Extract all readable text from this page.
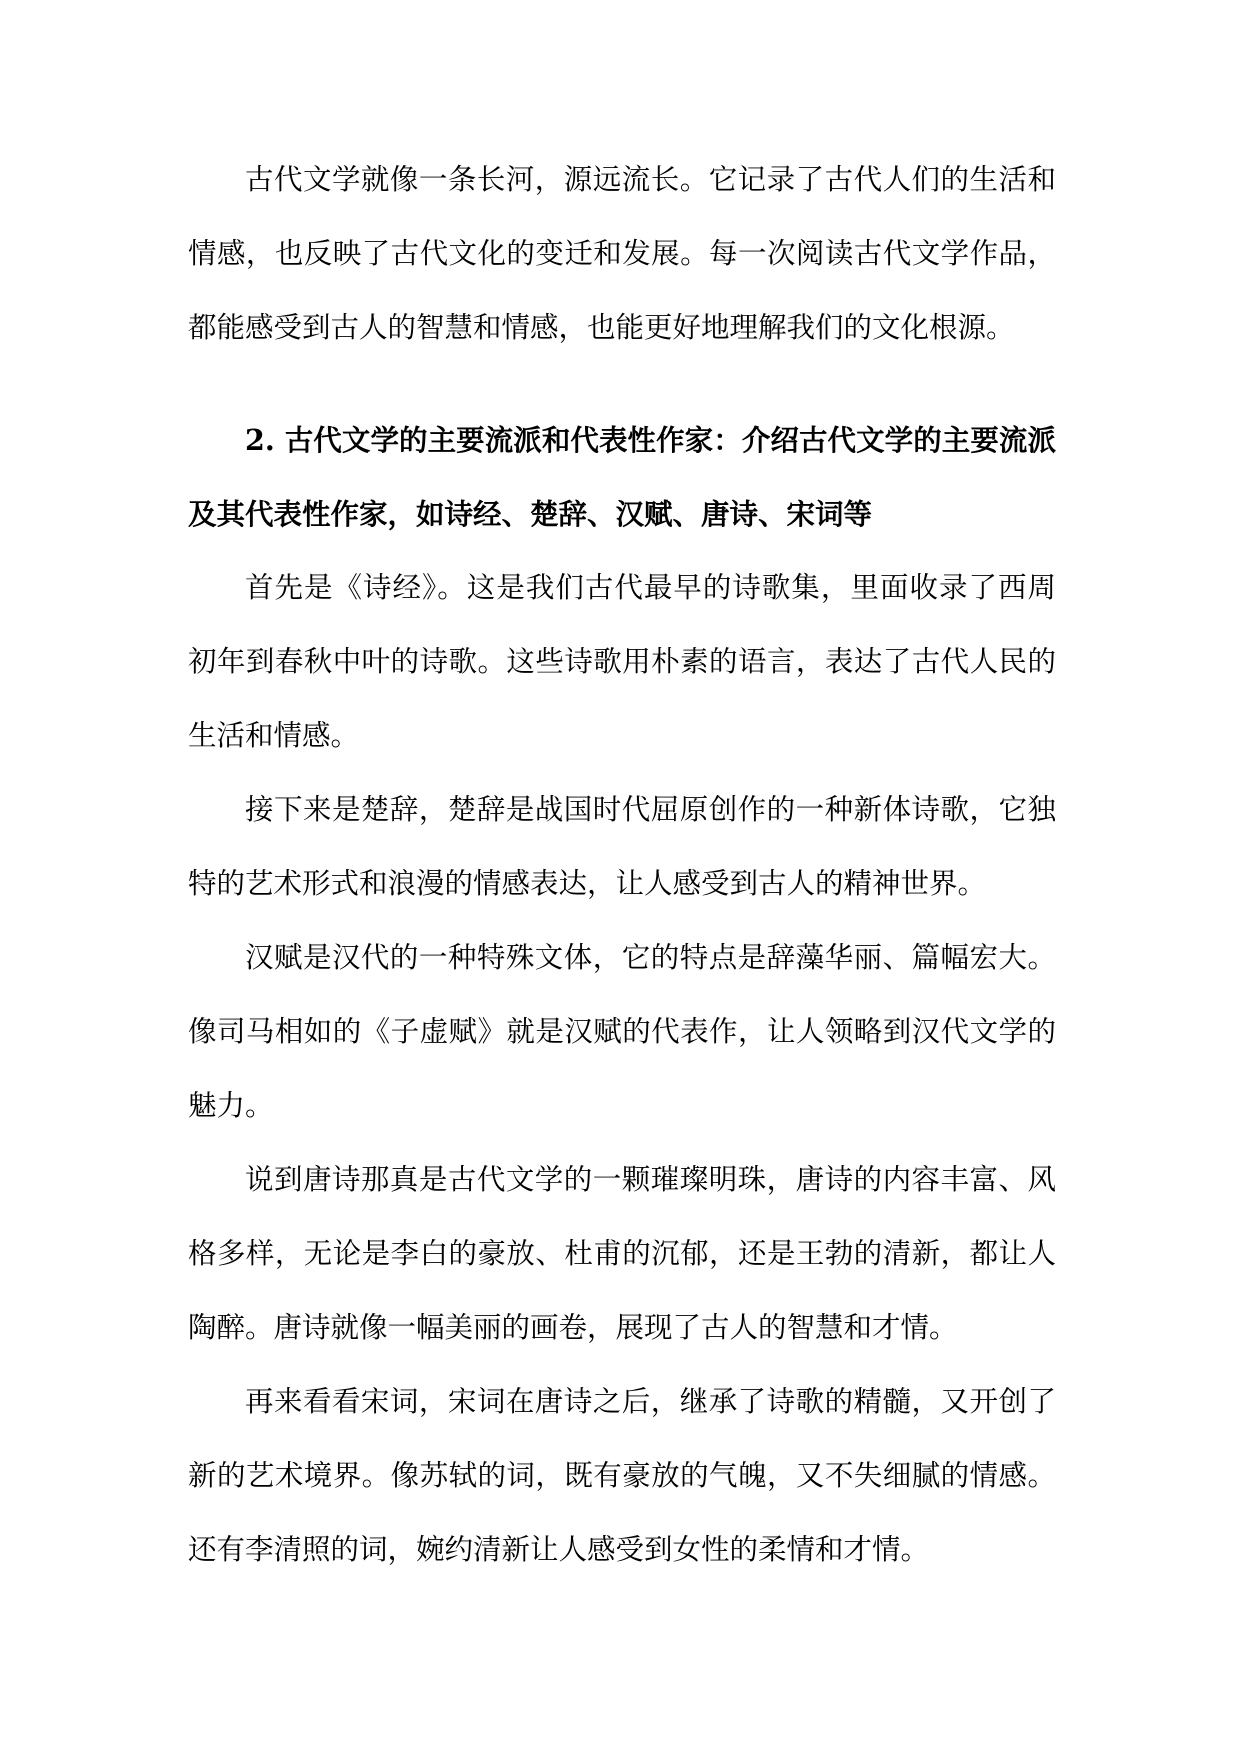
古代文学就像一条长河，源远流长。它记录了古代人们的生活和情感，也反映了古代文化的变迁和发展。每一次阅读古代文学作品，都能感受到古人的智慧和情感，也能更好地理解我们的文化根源。

2. 古代文学的主要流派和代表性作家：介绍古代文学的主要流派及其代表性作家，如诗经、楚辞、汉赋、唐诗、宋词等

首先是《诗经》。这是我们古代最早的诗歌集，里面收录了西周初年到春秋中叶的诗歌。这些诗歌用朴素的语言，表达了古代人民的生活和情感。

接下来是楚辞，楚辞是战国时代屈原创作的一种新体诗歌，它独特的艺术形式和浪漫的情感表达，让人感受到古人的精神世界。

汉赋是汉代的一种特殊文体，它的特点是辞藻华丽、篇幅宏大。像司马相如的《子虚赋》就是汉赋的代表作，让人领略到汉代文学的魅力。

说到唐诗那真是古代文学的一颗璀璨明珠，唐诗的内容丰富、风格多样，无论是李白的豪放、杜甫的沉郁，还是王勃的清新，都让人陶醉。唐诗就像一幅美丽的画卷，展现了古人的智慧和才情。

再来看看宋词，宋词在唐诗之后，继承了诗歌的精髓，又开创了新的艺术境界。像苏轼的词，既有豪放的气魄，又不失细腻的情感。还有李清照的词，婉约清新让人感受到女性的柔情和才情。
